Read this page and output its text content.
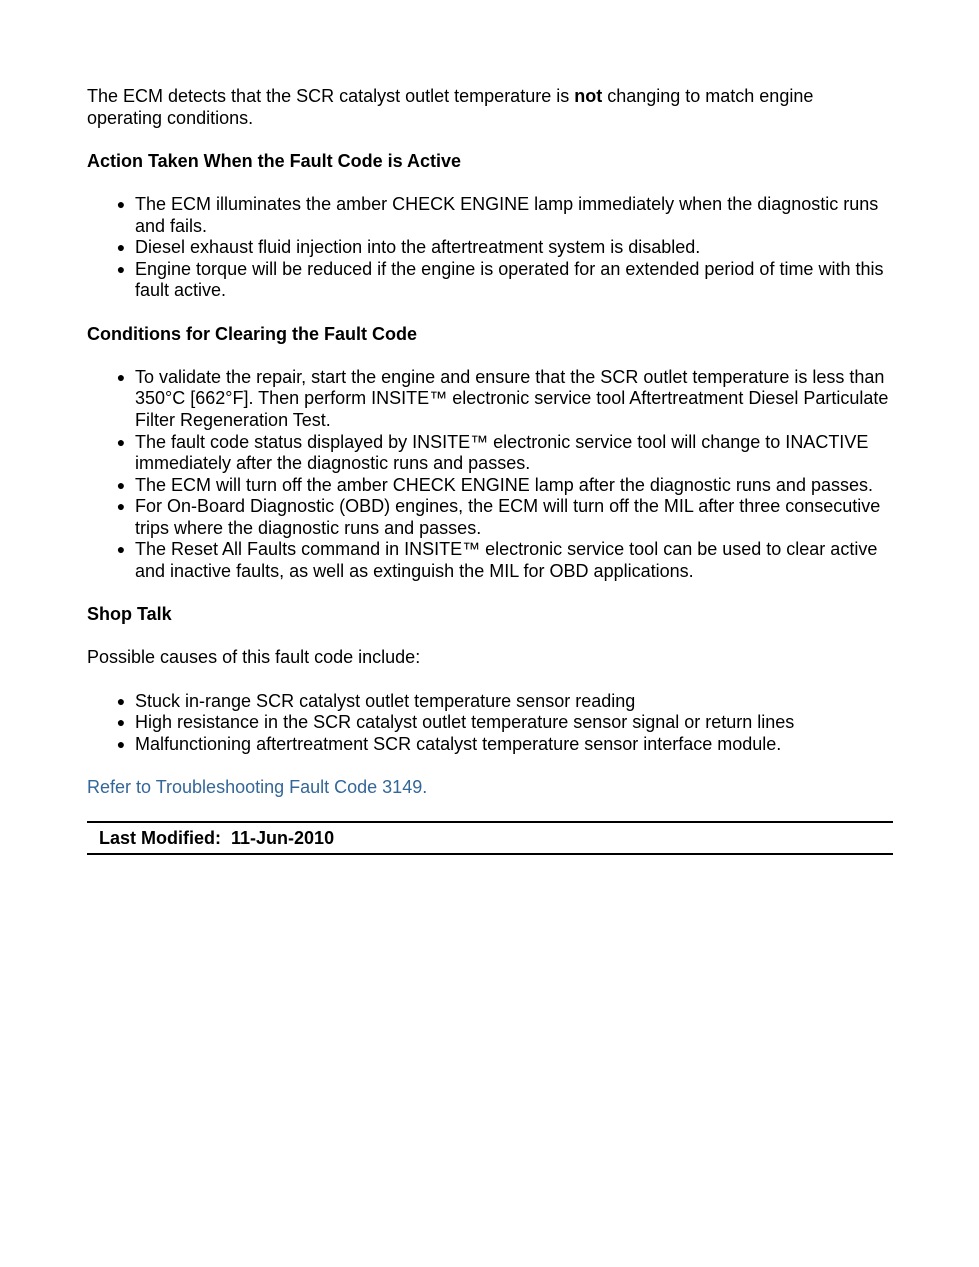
The ECM detects that the SCR catalyst outlet temperature is not changing to match engine operating conditions.

Action Taken When the Fault Code is Active
● The ECM illuminates the amber CHECK ENGINE lamp immediately when the diagnostic runs and fails.
● Diesel exhaust fluid injection into the aftertreatment system is disabled.
● Engine torque will be reduced if the engine is operated for an extended period of time with this fault active.
Conditions for Clearing the Fault Code
● To validate the repair, start the engine and ensure that the SCR outlet temperature is less than 350°C [662°F]. Then perform INSITE™ electronic service tool Aftertreatment Diesel Particulate Filter Regeneration Test.
● The fault code status displayed by INSITE™ electronic service tool will change to INACTIVE immediately after the diagnostic runs and passes.
● The ECM will turn off the amber CHECK ENGINE lamp after the diagnostic runs and passes.
● For On-Board Diagnostic (OBD) engines, the ECM will turn off the MIL after three consecutive trips where the diagnostic runs and passes.
● The Reset All Faults command in INSITE™ electronic service tool can be used to clear active and inactive faults, as well as extinguish the MIL for OBD applications.
Shop Talk

Possible causes of this fault code include:

● Stuck in-range SCR catalyst outlet temperature sensor reading
● High resistance in the SCR catalyst outlet temperature sensor signal or return lines
● Malfunctioning aftertreatment SCR catalyst temperature sensor interface module.
Refer to Troubleshooting Fault Code 3149.
Last Modified: 11-Jun-2010
